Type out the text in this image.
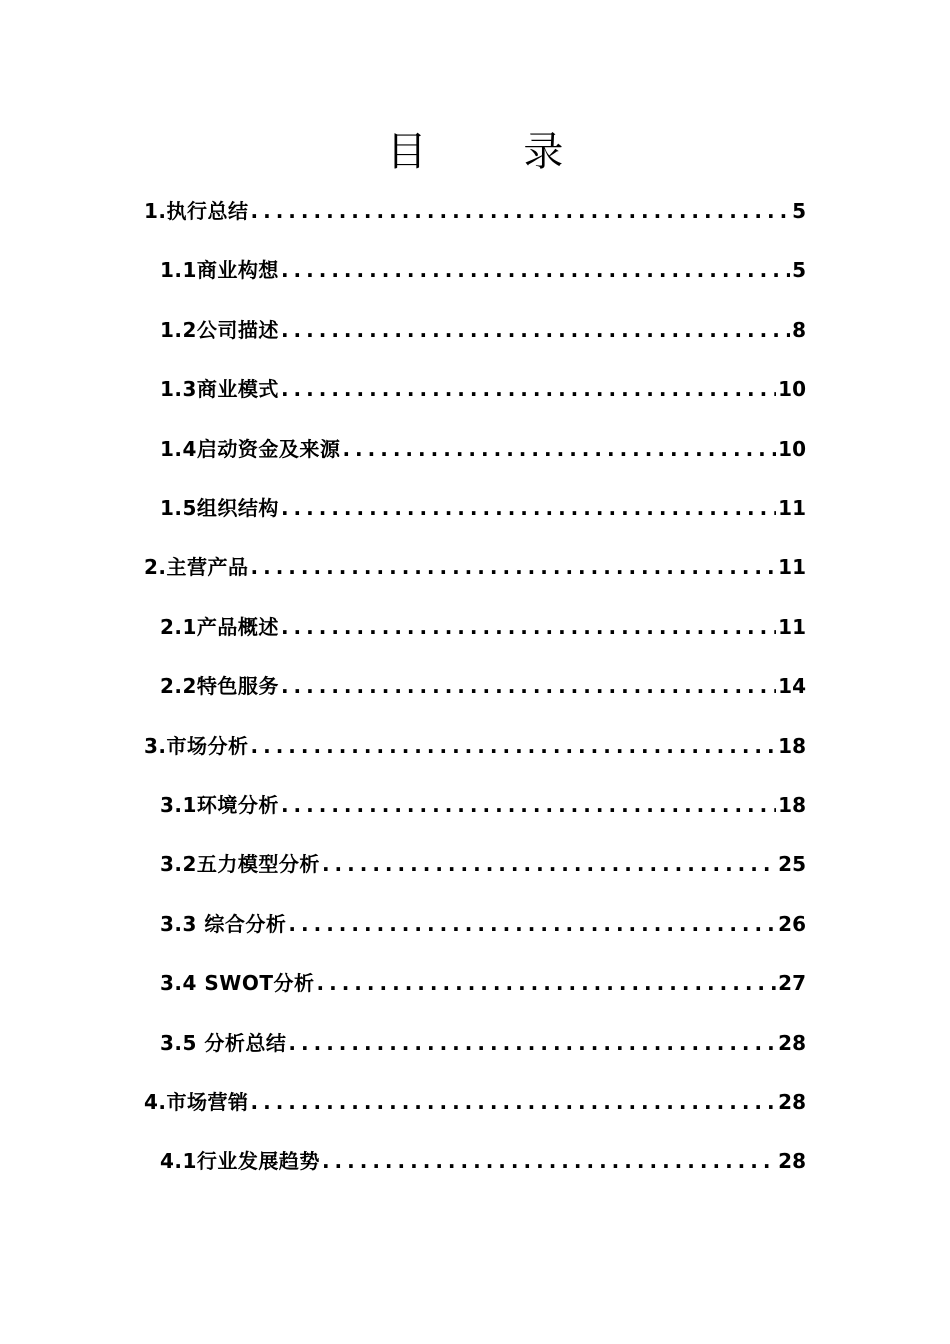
目 录
1.执行总结 .....	5
1.1商业构想 .....	5
1.2公司描述 .....	8
1.3商业模式 .....	10
1.4启动资金及来源 .....	10
1.5组织结构 .....	11
2.主营产品 .....	11
2.1产品概述 .....	11
2.2特色服务 .....	14
3.市场分析 .....	18
3.1环境分析 .....	18
3.2五力模型分析 .....	25
3.3 综合分析 .....	26
3.4 SWOT分析 .....	27
3.5 分析总结 .....	28
4.市场营销 .....	28
4.1行业发展趋势 .....	28
